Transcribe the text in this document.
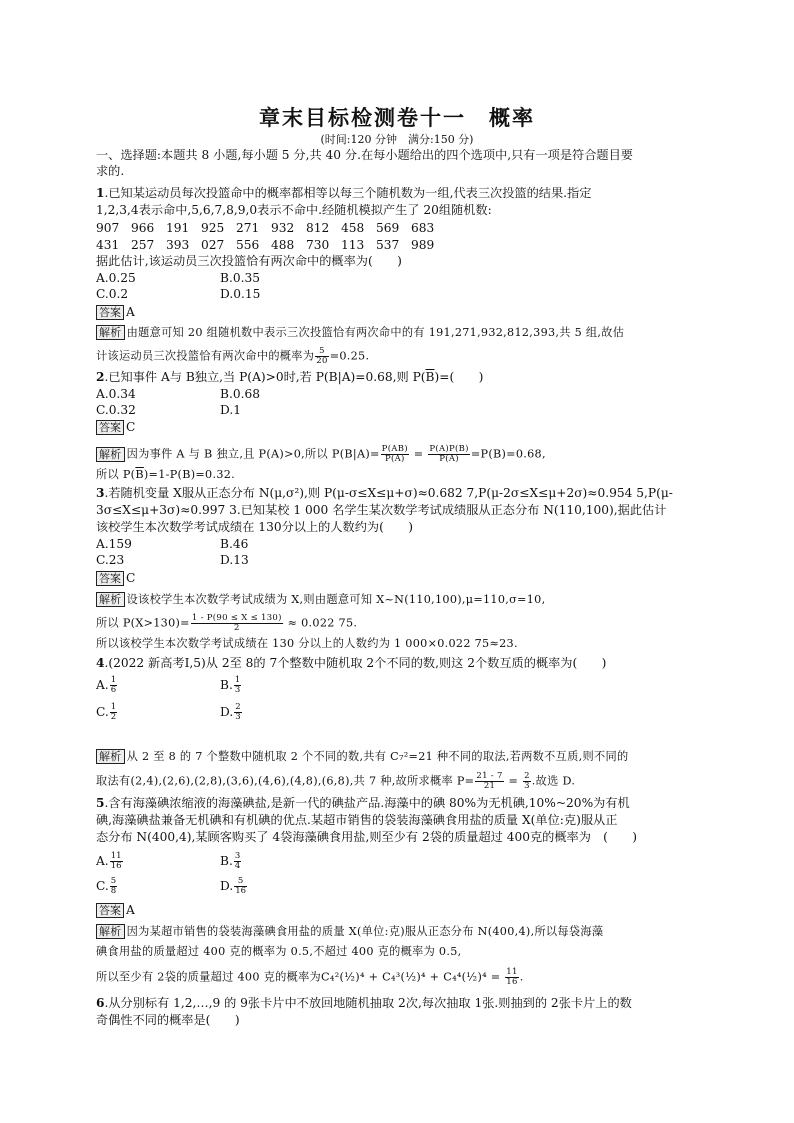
章末目标检测卷十一　概率
(时间:120 分钟　满分:150 分)
一、选择题:本题共 8 小题,每小题 5 分,共 40 分.在每小题给出的四个选项中,只有一项是符合题目要
求的.
1.已知某运动员每次投篮命中的概率都相等以每三个随机数为一组,代表三次投篮的结果.指定
1,2,3,4表示命中,5,6,7,8,9,0表示不命中.经随机模拟产生了 20组随机数:
907 966 191 925 271 932 812 458 569 683
431 257 393 027 556 488 730 113 537 989
据此估计,该运动员三次投篮恰有两次命中的概率为(　　)
A.0.25	B.0.35
C.0.2	D.0.15
答案 A
解析 由题意可知 20 组随机数中表示三次投篮恰有两次命中的有 191,271,932,812,393,共 5 组,故估
计该运动员三次投篮恰有两次命中的概率为 $\frac{5}{20} =0.25$.
2.已知事件 A与 B独立,当 P(A)>0时,若 P(B|A)=0.68,则 $P(\overline{B})=$(　　)
A.0.34	B.0.68
C.0.32	D.1
答案 C
解析 因为事件 A 与 B 独立,且 P(A)>0,所以 $P(B|A)= \frac{P(AB)}{P(A)} = \frac{P(A)P(B)}{P(A)} =P(B)=0.68$,
所以 $P(\overline{B})=1-P(B)=0.32$.
3.若随机变量 X服从正态分布 N(μ,σ²),则 P(μ-σ≤X≤μ+σ)≈0.682 7,P(μ-2σ≤X≤μ+2σ)≈0.954 5,P(μ-
3σ≤X≤μ+3σ)≈0.997 3.已知某校 1 000 名学生某次数学考试成绩服从正态分布 N(110,100),据此估计
该校学生本次数学考试成绩在 130分以上的人数约为(　　)
A.159	B.46
C.23	D.13
答案 C
解析 设该校学生本次数学考试成绩为 X,则由题意可知 X~N(110,100),μ=110,σ=10,
所以 $P(X>130)= \frac{1 - P(90 \le X \le 130)}{2} \approx 0.022$ 75.
所以该校学生本次数学考试成绩在 130 分以上的人数约为 1 000×0.022 75≈23.
4.(2022 新高考Ⅰ,5)从 2至 8的 7个整数中随机取 2个不同的数,则这 2个数互质的概率为(　　)
A. $\frac{1}{6}$	B. $\frac{1}{3}$
C. $\frac{1}{2}$	D. $\frac{2}{3}$
解析 从 2 至 8 的 7 个整数中随机取 2 个不同的数,共有 C₇²=21 种不同的取法,若两数不互质,则不同的
取法有(2,4),(2,6),(2,8),(3,6),(4,6),(4,8),(6,8),共 7 种,故所求概率 $P= \frac{21 - 7}{21} = \frac{2}{3}$ .故选 D.
5.含有海藻碘浓缩液的海藻碘盐,是新一代的碘盐产品.海藻中的碘 80%为无机碘,10%~20%为有机
碘,海藻碘盐兼备无机碘和有机碘的优点.某超市销售的袋装海藻碘食用盐的质量 X(单位:克)服从正
态分布 N(400,4),某顾客购买了 4袋海藻碘食用盐,则至少有 2袋的质量超过 400克的概率为　(　　)
A. $\frac{11}{16}$	B. $\frac{3}{4}$
C. $\frac{5}{8}$	D. $\frac{5}{16}$
答案 A
解析 因为某超市销售的袋装海藻碘食用盐的质量 X(单位:克)服从正态分布 N(400,4),所以每袋海藻
碘食用盐的质量超过 400 克的概率为 0.5,不超过 400 克的概率为 0.5,
所以至少有 2袋的质量超过 400 克的概率为C₄²(½)⁴ + C₄³(½)⁴ + C₄⁴(½)⁴ = $\frac{11}{16}$ .
6.从分别标有 1,2,…,9 的 9张卡片中不放回地随机抽取 2次,每次抽取 1张.则抽到的 2张卡片上的数
奇偶性不同的概率是(　　)
